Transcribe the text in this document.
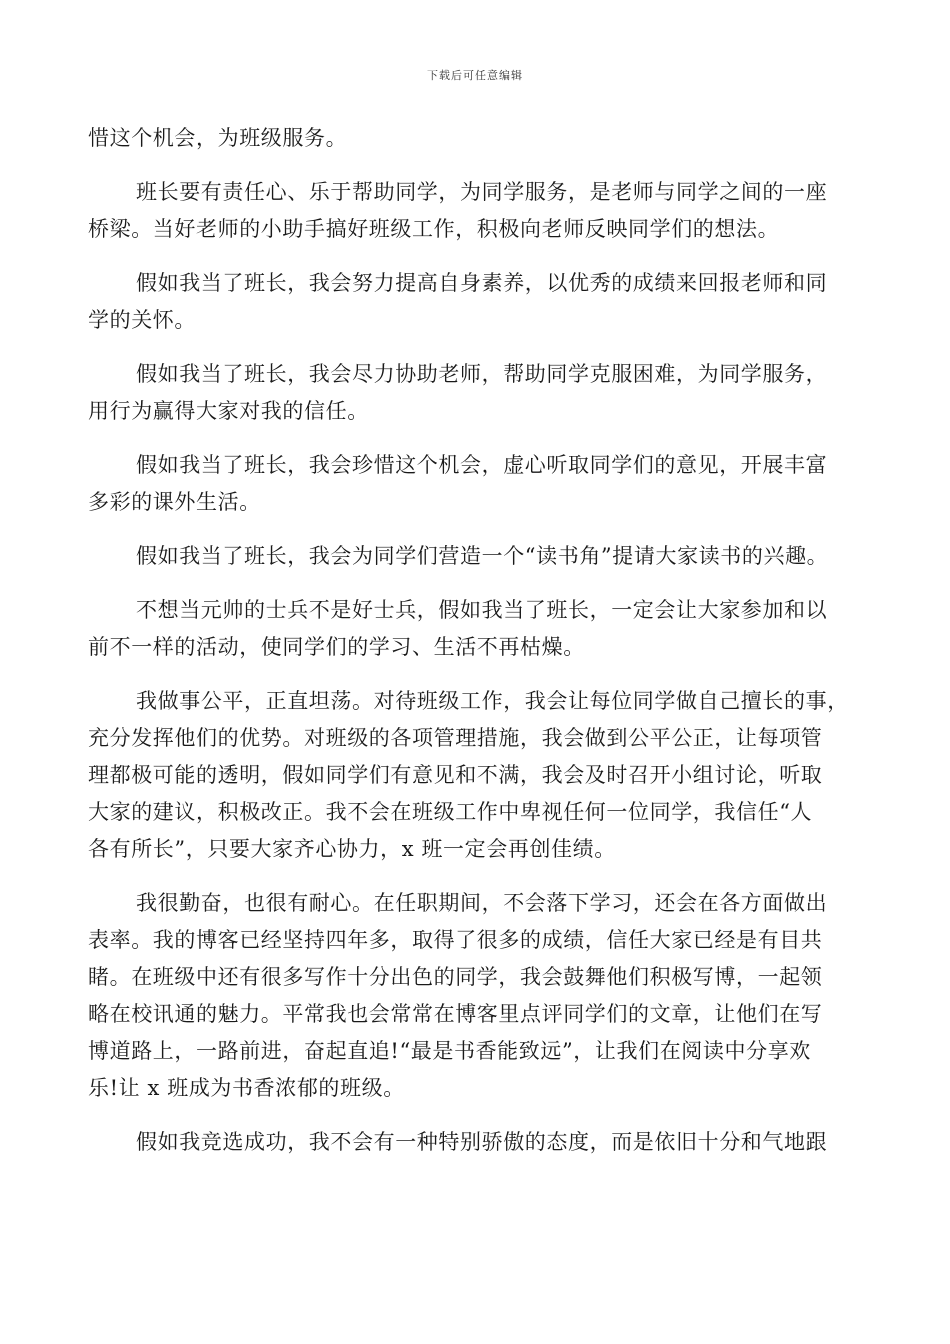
下载后可任意编辑

惜这个机会，为班级服务。

班长要有责任心、乐于帮助同学，为同学服务，是老师与同学之间的一座
桥梁。当好老师的小助手搞好班级工作，积极向老师反映同学们的想法。

假如我当了班长，我会努力提高自身素养，以优秀的成绩来回报老师和同
学的关怀。

假如我当了班长，我会尽力协助老师，帮助同学克服困难，为同学服务，
用行为赢得大家对我的信任。

假如我当了班长，我会珍惜这个机会，虚心听取同学们的意见，开展丰富
多彩的课外生活。

假如我当了班长，我会为同学们营造一个“读书角”提请大家读书的兴趣。

不想当元帅的士兵不是好士兵，假如我当了班长，一定会让大家参加和以
前不一样的活动，使同学们的学习、生活不再枯燥。

我做事公平，正直坦荡。对待班级工作，我会让每位同学做自己擅长的事，
充分发挥他们的优势。对班级的各项管理措施，我会做到公平公正，让每项管
理都极可能的透明，假如同学们有意见和不满，我会及时召开小组讨论，听取
大家的建议，积极改正。我不会在班级工作中卑视任何一位同学，我信任“人
各有所长”，只要大家齐心协力，x 班一定会再创佳绩。

我很勤奋，也很有耐心。在任职期间，不会落下学习，还会在各方面做出
表率。我的博客已经坚持四年多，取得了很多的成绩，信任大家已经是有目共
睹。在班级中还有很多写作十分出色的同学，我会鼓舞他们积极写博，一起领
略在校讯通的魅力。平常我也会常常在博客里点评同学们的文章，让他们在写
博道路上，一路前进，奋起直追!“最是书香能致远”，让我们在阅读中分享欢
乐!让 x 班成为书香浓郁的班级。

假如我竞选成功，我不会有一种特别骄傲的态度，而是依旧十分和气地跟
